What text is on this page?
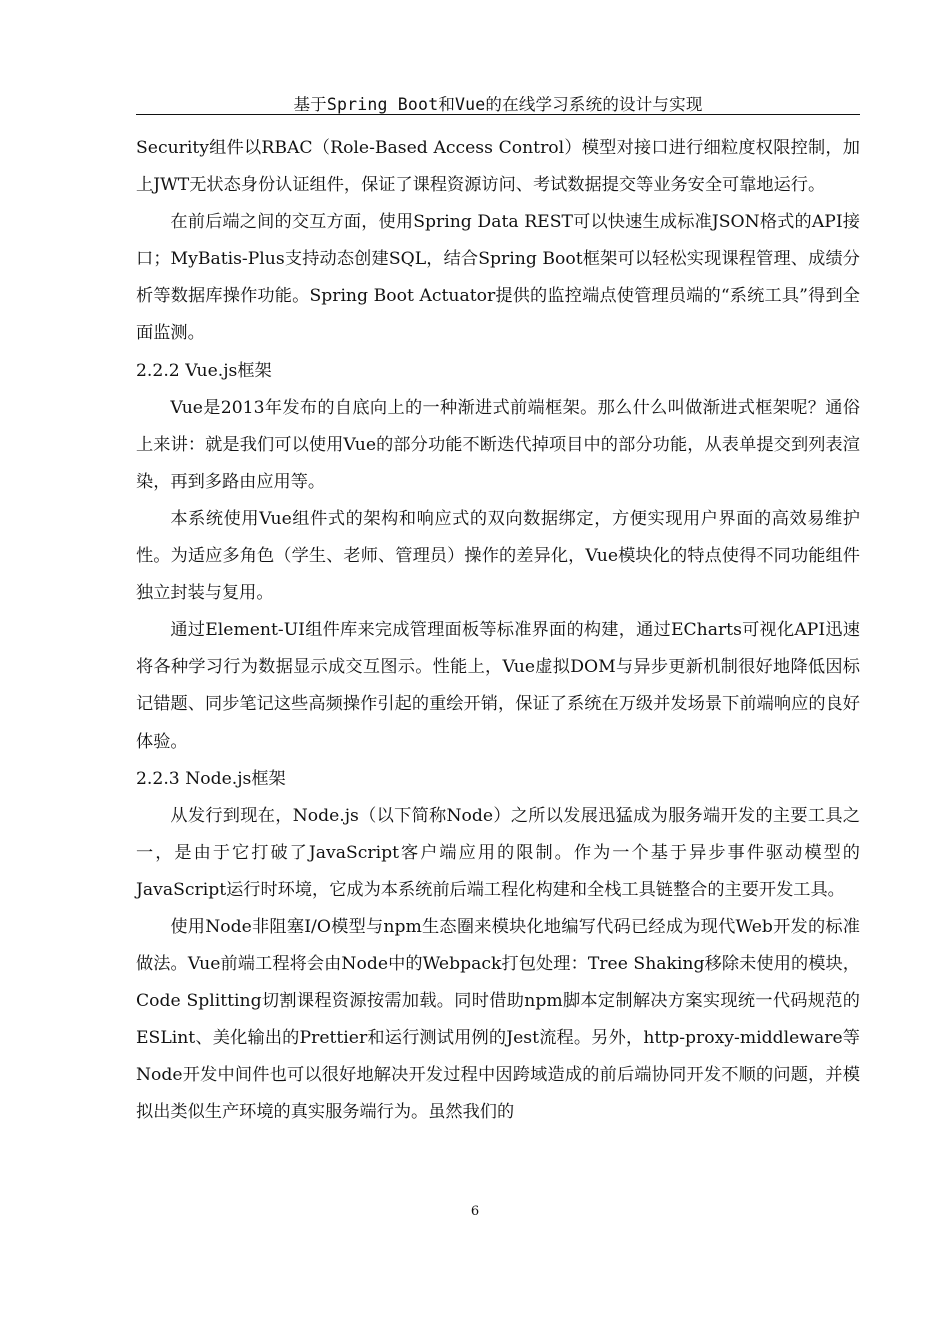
基于Spring Boot和Vue的在线学习系统的设计与实现

Security组件以RBAC（Role-Based Access Control）模型对接口进行细粒度权限控制，加上JWT无状态身份认证组件，保证了课程资源访问、考试数据提交等业务安全可靠地运行。

在前后端之间的交互方面，使用Spring Data REST可以快速生成标准JSON格式的API接口；MyBatis-Plus支持动态创建SQL，结合Spring Boot框架可以轻松实现课程管理、成绩分析等数据库操作功能。Spring Boot Actuator提供的监控端点使管理员端的“系统工具”得到全面监测。

2.2.2 Vue.js框架

Vue是2013年发布的自底向上的一种渐进式前端框架。那么什么叫做渐进式框架呢？通俗上来讲：就是我们可以使用Vue的部分功能不断迭代掉项目中的部分功能，从表单提交到列表渲染，再到多路由应用等。

本系统使用Vue组件式的架构和响应式的双向数据绑定，方便实现用户界面的高效易维护性。为适应多角色（学生、老师、管理员）操作的差异化，Vue模块化的特点使得不同功能组件独立封装与复用。

通过Element-UI组件库来完成管理面板等标准界面的构建，通过ECharts可视化API迅速将各种学习行为数据显示成交互图示。性能上，Vue虚拟DOM与异步更新机制很好地降低因标记错题、同步笔记这些高频操作引起的重绘开销，保证了系统在万级并发场景下前端响应的良好体验。

2.2.3 Node.js框架

从发行到现在，Node.js（以下简称Node）之所以发展迅猛成为服务端开发的主要工具之一，是由于它打破了JavaScript客户端应用的限制。作为一个基于异步事件驱动模型的JavaScript运行时环境，它成为本系统前后端工程化构建和全栈工具链整合的主要开发工具。

使用Node非阻塞I/O模型与npm生态圈来模块化地编写代码已经成为现代Web开发的标准做法。Vue前端工程将会由Node中的Webpack打包处理：Tree Shaking移除未使用的模块，Code Splitting切割课程资源按需加载。同时借助npm脚本定制解决方案实现统一代码规范的ESLint、美化输出的Prettier和运行测试用例的Jest流程。另外，http-proxy-middleware等Node开发中间件也可以很好地解决开发过程中因跨域造成的前后端协同开发不顺的问题，并模拟出类似生产环境的真实服务端行为。虽然我们的

6
